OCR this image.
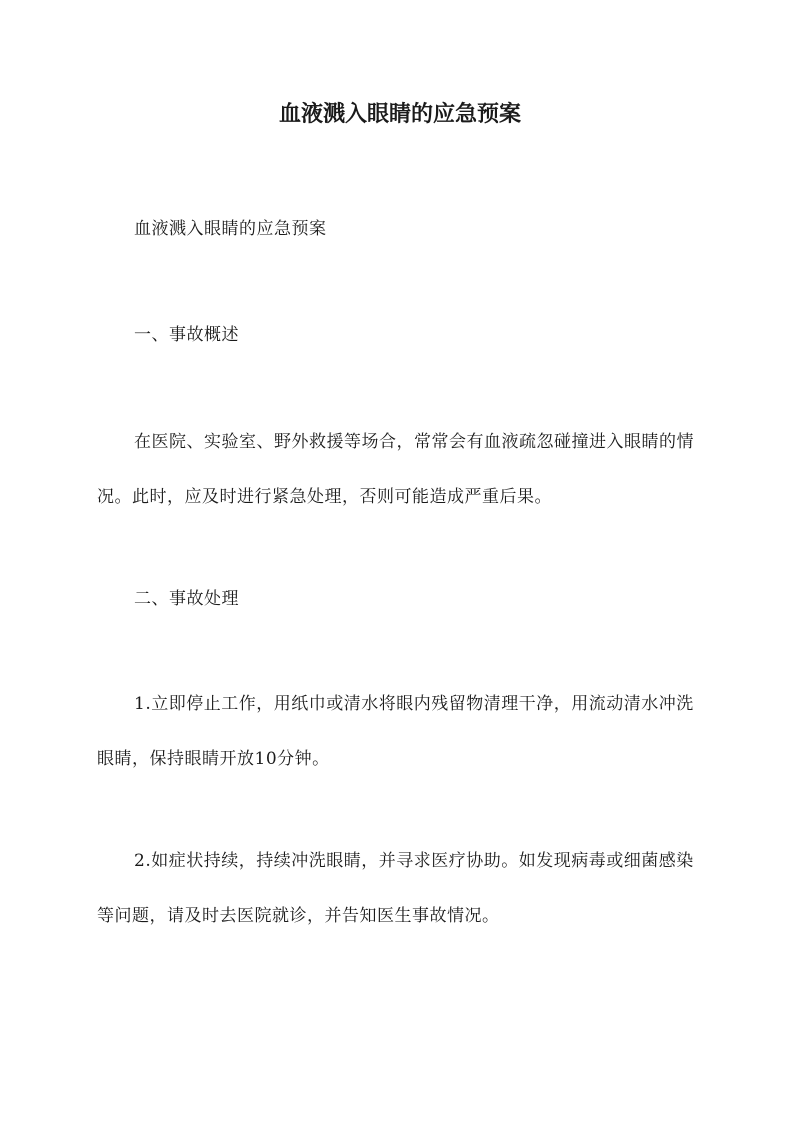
血液溅入眼睛的应急预案

血液溅入眼睛的应急预案

一、事故概述

在医院、实验室、野外救援等场合，常常会有血液疏忽碰撞进入眼睛的情况。此时，应及时进行紧急处理，否则可能造成严重后果。

二、事故处理

1.立即停止工作，用纸巾或清水将眼内残留物清理干净，用流动清水冲洗眼睛，保持眼睛开放10分钟。

2.如症状持续，持续冲洗眼睛，并寻求医疗协助。如发现病毒或细菌感染等问题，请及时去医院就诊，并告知医生事故情况。
